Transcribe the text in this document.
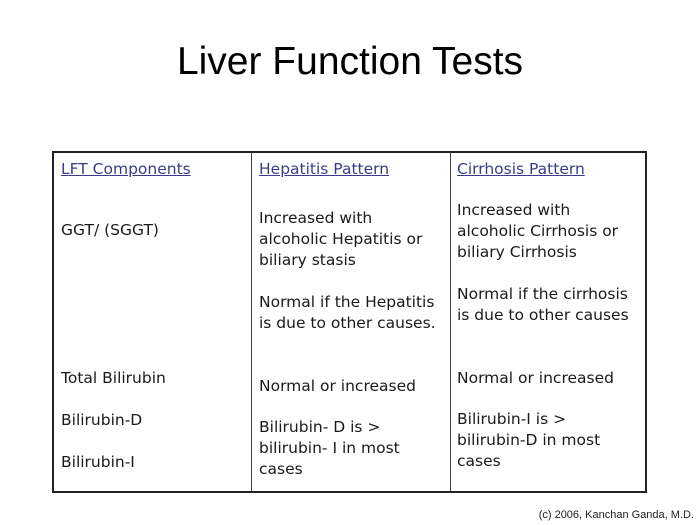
Liver Function Tests
LFT Components	Hepatitis Pattern	Cirrhosis Pattern
GGT/ (SGGT)
Total Bilirubin
Bilirubin-D
Bilirubin-I
Increased with
alcoholic Hepatitis or
biliary stasis
Normal if the Hepatitis
is due to other causes.
Normal or increased
Bilirubin- D is >
bilirubin- I in most
cases
Increased with
alcoholic Cirrhosis or
biliary Cirrhosis
Normal if the cirrhosis
is due to other causes
Normal or increased
Bilirubin-I is >
bilirubin-D in most
cases
(c) 2006, Kanchan Ganda, M.D.
